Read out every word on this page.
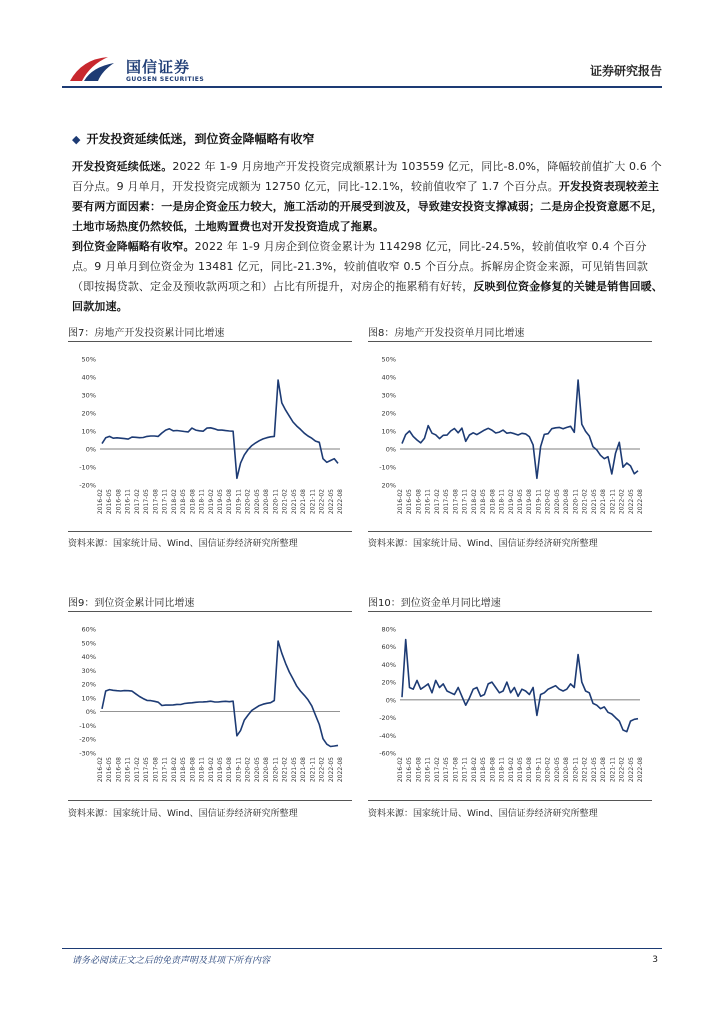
国信证券
GUOSEN SECURITIES
证券研究报告
◆ 开发投资延续低迷，到位资金降幅略有收窄
开发投资延续低迷。2022 年 1-9 月房地产开发投资完成额累计为 103559 亿元，同比-8.0%，降幅较前值扩大 0.6 个百分点。9 月单月，开发投资完成额为 12750 亿元，同比-12.1%，较前值收窄了 1.7 个百分点。开发投资表现较差主要有两方面因素：一是房企资金压力较大，施工活动的开展受到波及，导致建安投资支撑减弱；二是房企投资意愿不足，土地市场热度仍然较低，土地购置费也对开发投资造成了拖累。
到位资金降幅略有收窄。2022 年 1-9 月房企到位资金累计为 114298 亿元，同比-24.5%，较前值收窄 0.4 个百分点。9 月单月到位资金为 13481 亿元，同比-21.3%，较前值收窄 0.5 个百分点。拆解房企资金来源，可见销售回款（即按揭贷款、定金及预收款两项之和）占比有所提升，对房企的拖累稍有好转，反映到位资金修复的关键是销售回暖、回款加速。
图7：房地产开发投资累计同比增速
50%
40%
30%
20%
10%
0%
-10%
-20%
2016-02 2016-05 2016-08 2016-11 2017-02 2017-05 2017-08 2017-11 2018-02 2018-05 2018-08 2018-11 2019-02 2019-05 2019-08 2019-11 2020-02 2020-05 2020-08 2020-11 2021-02 2021-05 2021-08 2021-11 2022-02 2022-05 2022-08
资料来源：国家统计局、Wind、国信证券经济研究所整理
图8：房地产开发投资单月同比增速
50%
40%
30%
20%
10%
0%
-10%
20%
2016-02 2016-05 2016-08 2016-11 2017-02 2017-05 2017-08 2017-11 2018-02 2018-05 2018-08 2018-11 2019-02 2019-05 2019-08 2019-11 2020-02 2020-05 2020-08 2020-11 2021-02 2021-05 2021-08 2021-11 2022-02 2022-05 2022-08
资料来源：国家统计局、Wind、国信证券经济研究所整理
图9：到位资金累计同比增速
60%
50%
40%
30%
20%
10%
0%
-10%
-20%
-30%
2016-02 2016-05 2016-08 2016-11 2017-02 2017-05 2017-08 2017-11 2018-02 2018-05 2018-08 2018-11 2019-02 2019-05 2019-08 2019-11 2020-02 2020-05 2020-08 2020-11 2021-02 2021-05 2021-08 2021-11 2022-02 2022-05 2022-08
资料来源：国家统计局、Wind、国信证券经济研究所整理
图10：到位资金单月同比增速
80%
60%
40%
20%
0%
-20%
-40%
-60%
2016-02 2016-05 2016-08 2016-11 2017-02 2017-05 2017-08 2017-11 2018-02 2018-05 2018-08 2018-11 2019-02 2019-05 2019-08 2019-11 2020-02 2020-05 2020-08 2020-11 2021-02 2021-05 2021-08 2021-11 2022-02 2022-05 2022-08
资料来源：国家统计局、Wind、国信证券经济研究所整理
请务必阅读正文之后的免责声明及其项下所有内容	3
